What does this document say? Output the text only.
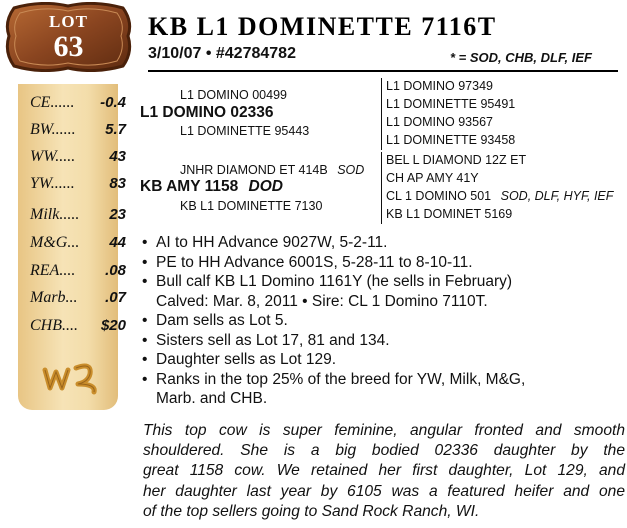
LOT
63
CE...... -0.4
BW...... 5.7
WW..... 43
YW...... 83
Milk..... 23
M&G... 44
REA.... .08
Marb... .07
CHB.... $20
KB L1 DOMINETTE 7116T
3/10/07 • #42784782	* = SOD, CHB, DLF, IEF
L1 DOMINO 00499
L1 DOMINO 02336
L1 DOMINETTE 95443
L1 DOMINO 97349
L1 DOMINETTE 95491
L1 DOMINO 93567
L1 DOMINETTE 93458
JNHR DIAMOND ET 414B SOD
KB AMY 1158 DOD
KB L1 DOMINETTE 7130
BEL L DIAMOND 12Z ET
CH AP AMY 41Y
CL 1 DOMINO 501 SOD, DLF, HYF, IEF
KB L1 DOMINET 5169
• AI to HH Advance 9027W, 5-2-11.
• PE to HH Advance 6001S, 5-28-11 to 8-10-11.
• Bull calf KB L1 Domino 1161Y (he sells in February)
Calved: Mar. 8, 2011 • Sire: CL 1 Domino 7110T.
• Dam sells as Lot 5.
• Sisters sell as Lot 17, 81 and 134.
• Daughter sells as Lot 129.
• Ranks in the top 25% of the breed for YW, Milk, M&G,
Marb. and CHB.
This top cow is super feminine, angular fronted and smooth
shouldered. She is a big bodied 02336 daughter by the
great 1158 cow. We retained her first daughter, Lot 129, and
her daughter last year by 6105 was a featured heifer and one
of the top sellers going to Sand Rock Ranch, WI.
